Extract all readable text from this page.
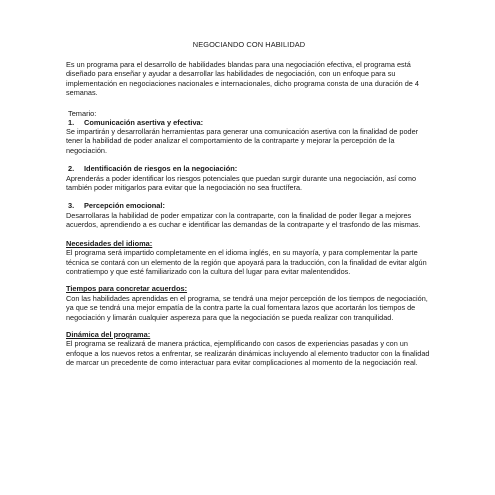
NEGOCIANDO CON HABILIDAD

Es un programa para el desarrollo de habilidades blandas para una negociación efectiva, el programa está diseñado para enseñar y ayudar a desarrollar las habilidades de negociación, con un enfoque para su implementación en negociaciones nacionales e internacionales, dicho programa consta de una duración de 4 semanas.

Temario:

1. Comunicación asertiva y efectiva:

Se impartirán y desarrollarán herramientas para generar una comunicación asertiva con la finalidad de poder tener la habilidad de poder analizar el comportamiento de la contraparte y mejorar la percepción de la negociación.

2. Identificación de riesgos en la negociación:

Aprenderás a poder identificar los riesgos potenciales que puedan surgir durante una negociación, así como también poder mitigarlos para evitar que la negociación no sea fructífera.

3. Percepción emocional:

Desarrollaras la habilidad de poder empatizar con la contraparte, con la finalidad de poder llegar a mejores acuerdos, aprendiendo a es cuchar e identificar las demandas de la contraparte y el trasfondo de las mismas.

Necesidades del idioma:

El programa será impartido completamente en el idioma inglés, en su mayoría, y para complementar la parte técnica se contará con un elemento de la región que apoyará para la traducción, con la finalidad de evitar algún contratiempo y que esté familiarizado con la cultura del lugar para evitar malentendidos.

Tiempos para concretar acuerdos:

Con las habilidades aprendidas en el programa, se tendrá una mejor percepción de los tiempos de negociación, ya que se tendrá una mejor empatía de la contra parte la cual fomentara lazos que acortarán los tiempos de negociación y limarán cualquier aspereza para que la negociación se pueda realizar con tranquilidad.

Dinámica del programa:

El programa se realizará de manera práctica, ejemplificando con casos de experiencias pasadas y con un enfoque a los nuevos retos a enfrentar, se realizarán dinámicas incluyendo al elemento traductor con la finalidad de marcar un precedente de como interactuar para evitar complicaciones al momento de la negociación real.
